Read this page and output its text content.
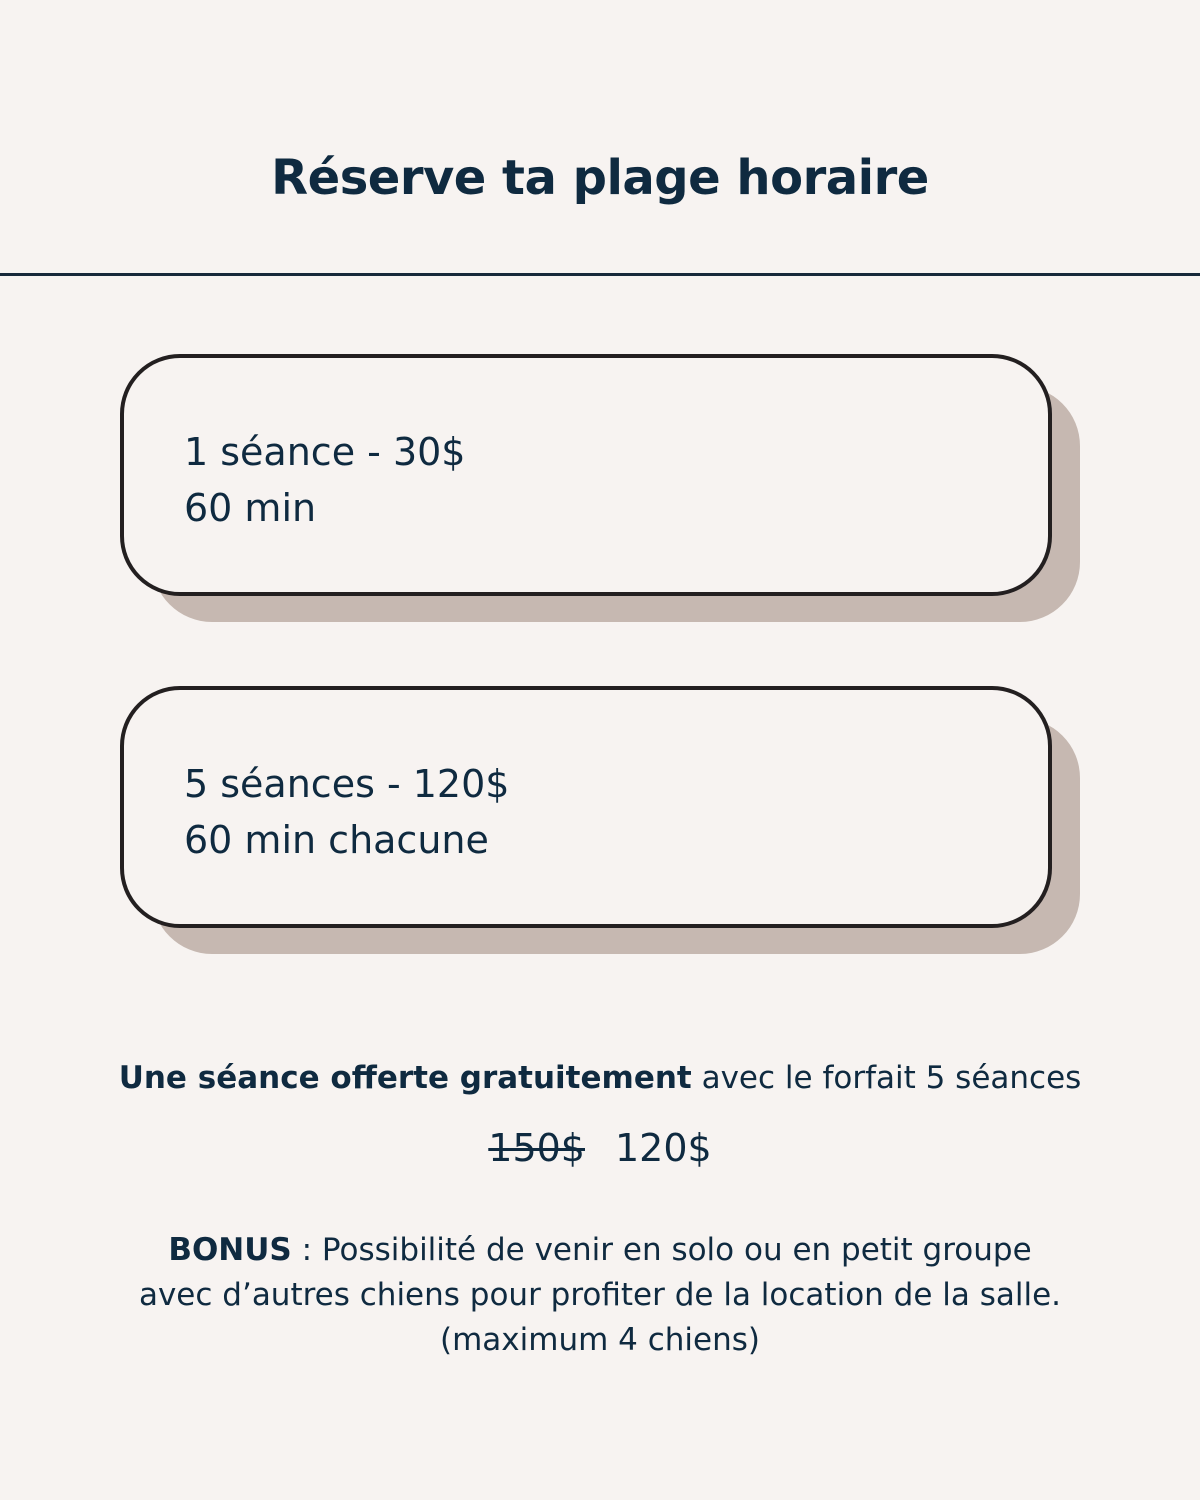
Réserve ta plage horaire
1 séance - 30$
60 min
5 séances - 120$
60 min chacune
Une séance offerte gratuitement avec le forfait 5 séances
150$ 120$
BONUS : Possibilité de venir en solo ou en petit groupe
avec d’autres chiens pour profiter de la location de la salle.
(maximum 4 chiens)
